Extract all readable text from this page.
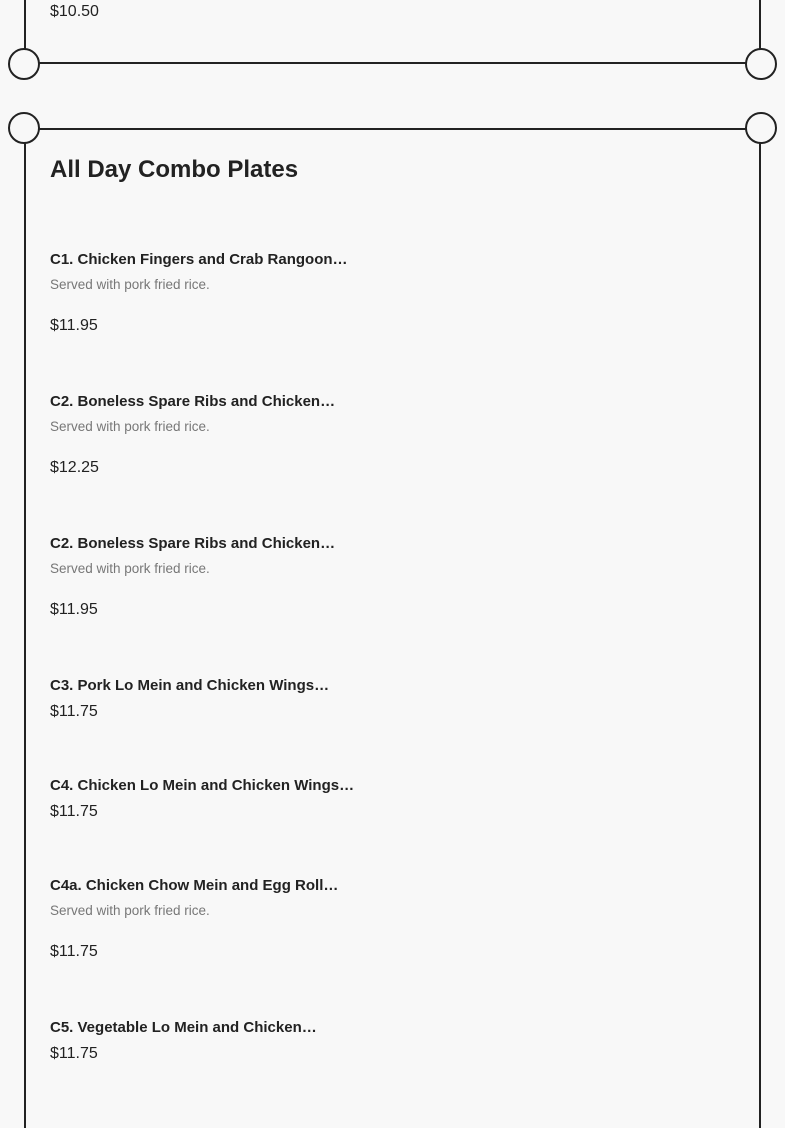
$10.50
All Day Combo Plates
C1. Chicken Fingers and Crab Rangoon…
Served with pork fried rice.
$11.95
C2. Boneless Spare Ribs and Chicken…
Served with pork fried rice.
$12.25
C2. Boneless Spare Ribs and Chicken…
Served with pork fried rice.
$11.95
C3. Pork Lo Mein and Chicken Wings…
$11.75
C4. Chicken Lo Mein and Chicken Wings…
$11.75
C4a. Chicken Chow Mein and Egg Roll…
Served with pork fried rice.
$11.75
C5. Vegetable Lo Mein and Chicken…
$11.75
